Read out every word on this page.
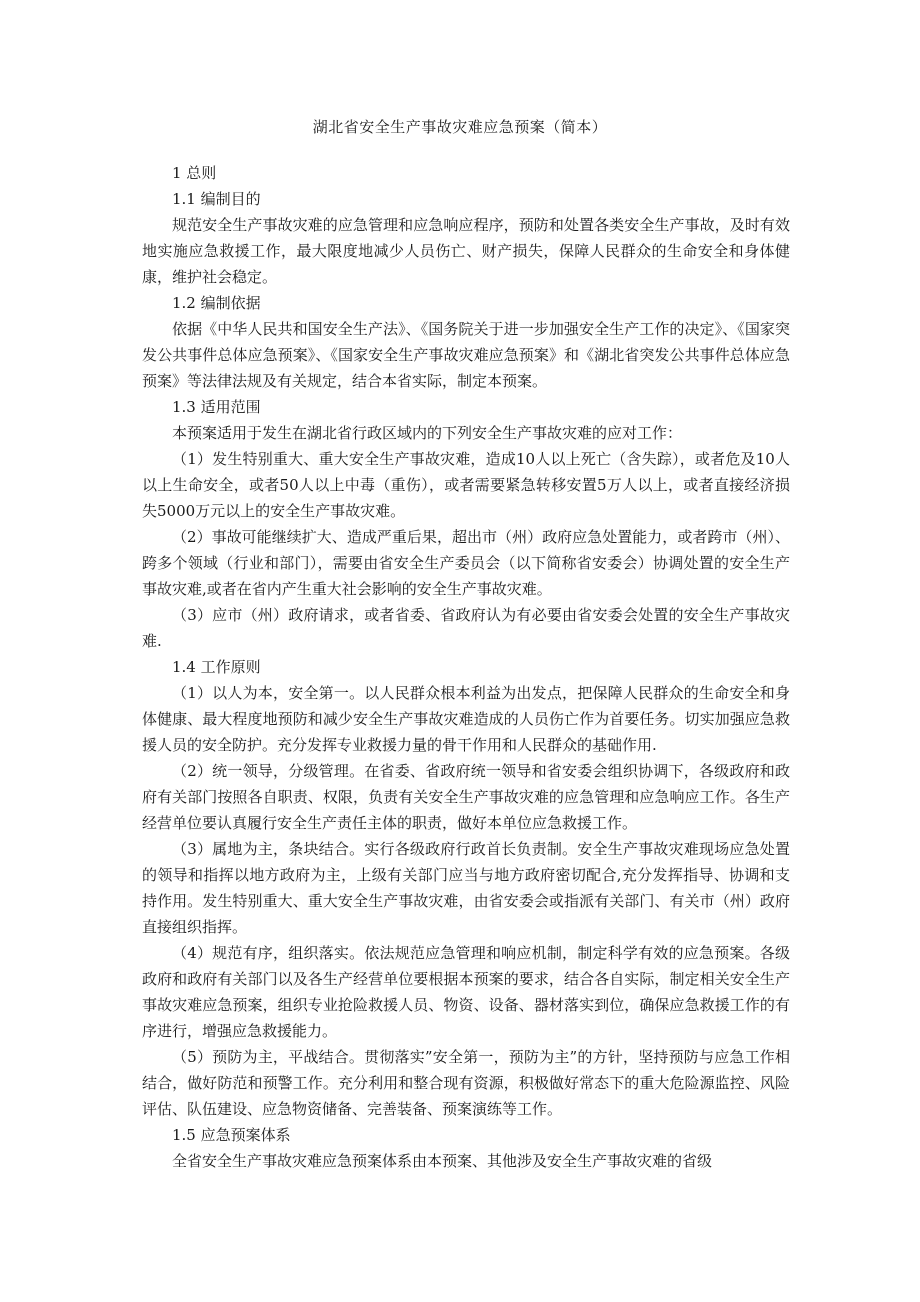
湖北省安全生产事故灾难应急预案（简本）
1 总则
1.1 编制目的

规范安全生产事故灾难的应急管理和应急响应程序，预防和处置各类安全生产事故，及时有效地实施应急救援工作，最大限度地减少人员伤亡、财产损失，保障人民群众的生命安全和身体健康，维护社会稳定。

1.2 编制依据

依据《中华人民共和国安全生产法》、《国务院关于进一步加强安全生产工作的决定》、《国家突发公共事件总体应急预案》、《国家安全生产事故灾难应急预案》和《湖北省突发公共事件总体应急预案》等法律法规及有关规定，结合本省实际，制定本预案。

1.3 适用范围

本预案适用于发生在湖北省行政区域内的下列安全生产事故灾难的应对工作：

（1）发生特别重大、重大安全生产事故灾难，造成10人以上死亡（含失踪），或者危及10人以上生命安全，或者50人以上中毒（重伤），或者需要紧急转移安置5万人以上，或者直接经济损失5000万元以上的安全生产事故灾难。

（2）事故可能继续扩大、造成严重后果，超出市（州）政府应急处置能力，或者跨市（州）、跨多个领域（行业和部门），需要由省安全生产委员会（以下简称省安委会）协调处置的安全生产事故灾难,或者在省内产生重大社会影响的安全生产事故灾难。

（3）应市（州）政府请求，或者省委、省政府认为有必要由省安委会处置的安全生产事故灾难.

1.4 工作原则

（1）以人为本，安全第一。以人民群众根本利益为出发点，把保障人民群众的生命安全和身体健康、最大程度地预防和减少安全生产事故灾难造成的人员伤亡作为首要任务。切实加强应急救援人员的安全防护。充分发挥专业救援力量的骨干作用和人民群众的基础作用.

（2）统一领导，分级管理。在省委、省政府统一领导和省安委会组织协调下，各级政府和政府有关部门按照各自职责、权限，负责有关安全生产事故灾难的应急管理和应急响应工作。各生产经营单位要认真履行安全生产责任主体的职责，做好本单位应急救援工作。

（3）属地为主，条块结合。实行各级政府行政首长负责制。安全生产事故灾难现场应急处置的领导和指挥以地方政府为主，上级有关部门应当与地方政府密切配合,充分发挥指导、协调和支持作用。发生特别重大、重大安全生产事故灾难，由省安委会或指派有关部门、有关市（州）政府直接组织指挥。

（4）规范有序，组织落实。依法规范应急管理和响应机制，制定科学有效的应急预案。各级政府和政府有关部门以及各生产经营单位要根据本预案的要求，结合各自实际，制定相关安全生产事故灾难应急预案，组织专业抢险救援人员、物资、设备、器材落实到位，确保应急救援工作的有序进行，增强应急救援能力。

（5）预防为主，平战结合。贯彻落实”安全第一，预防为主”的方针，坚持预防与应急工作相结合，做好防范和预警工作。充分利用和整合现有资源，积极做好常态下的重大危险源监控、风险评估、队伍建设、应急物资储备、完善装备、预案演练等工作。

1.5 应急预案体系

全省安全生产事故灾难应急预案体系由本预案、其他涉及安全生产事故灾难的省级
